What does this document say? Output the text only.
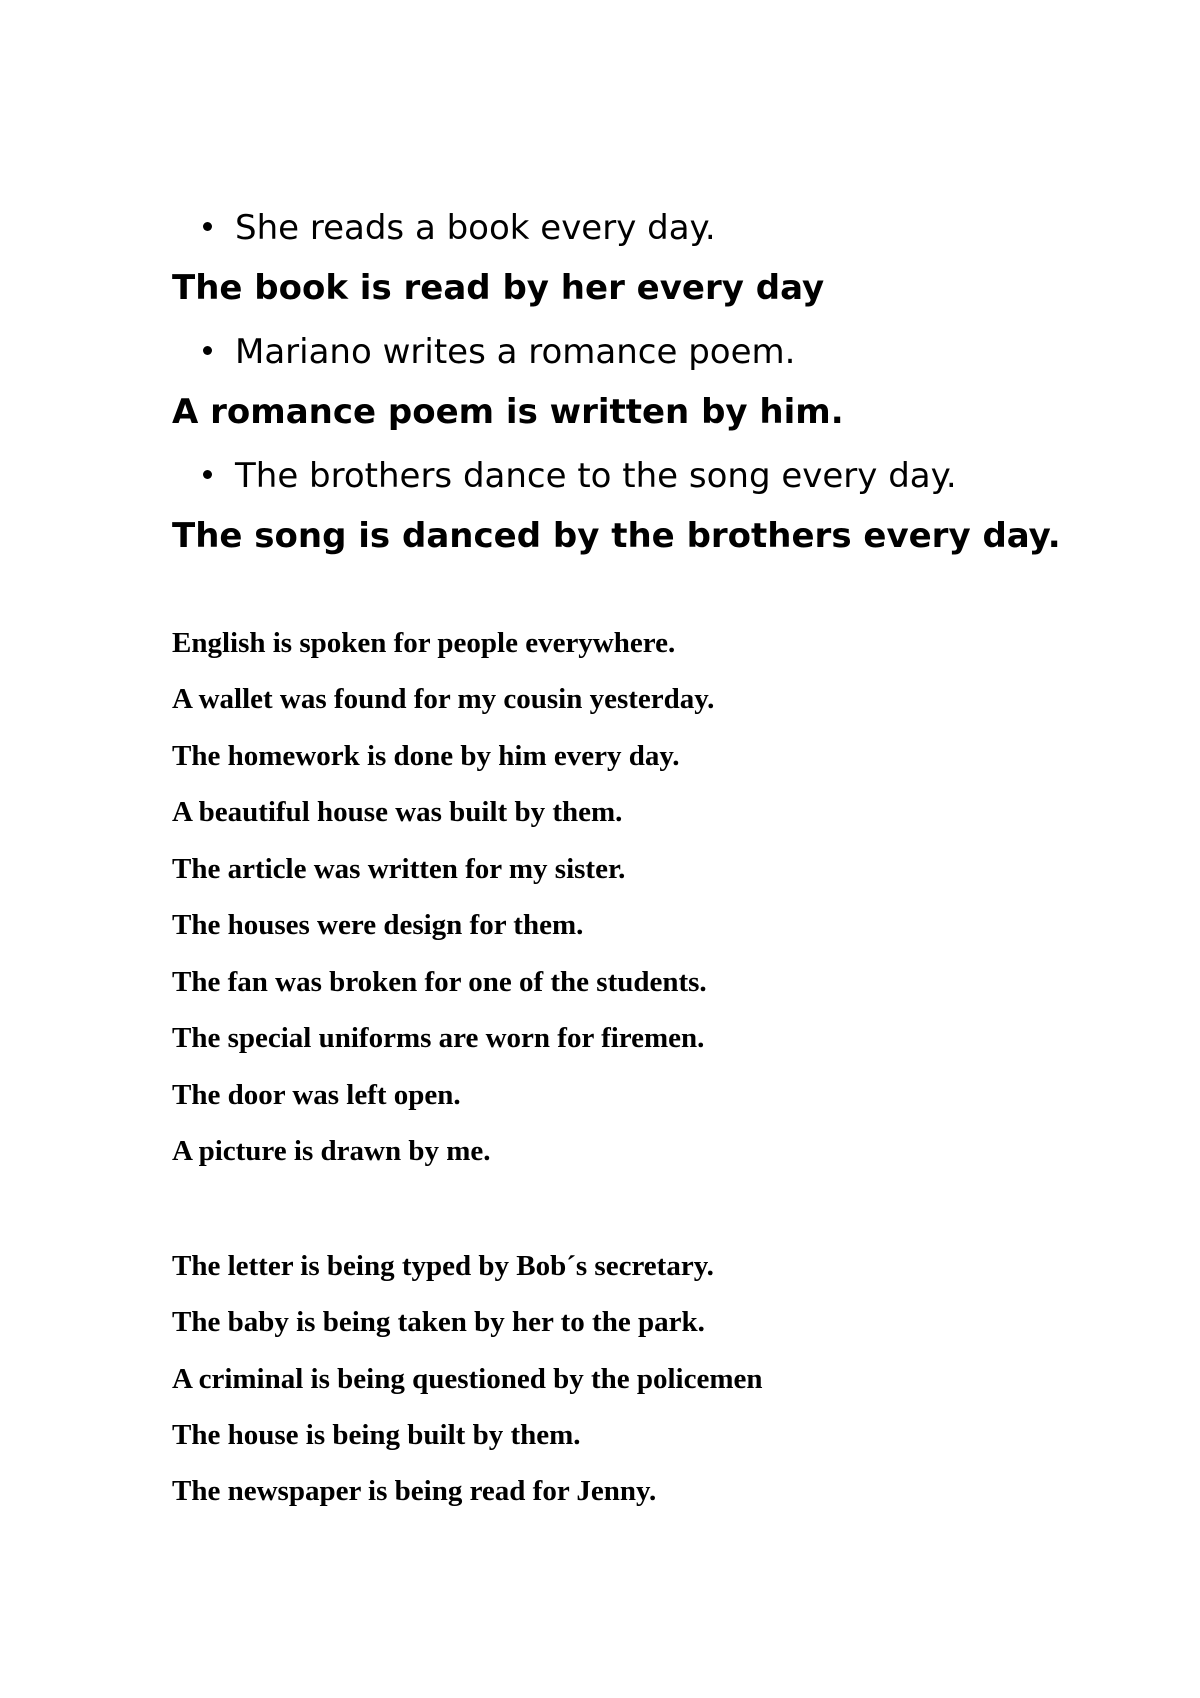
She reads a book every day.
The book is read by her every day
Mariano writes a romance poem.
A romance poem is written by him.
The brothers dance to the song every day.
The song is danced by the brothers every day.
English is spoken for people everywhere.
A wallet was found for my cousin yesterday.
The homework is done by him every day.
A beautiful house was built by them.
The article was written for my sister.
The houses were design for them.
The fan was broken for one of the students.
The special uniforms are worn for firemen.
The door was left open.
A picture is drawn by me.
The letter is being typed by Bob´s secretary.
The baby is being taken by her to the park.
A criminal is being questioned by the policemen
The house is being built by them.
The newspaper is being read for Jenny.
